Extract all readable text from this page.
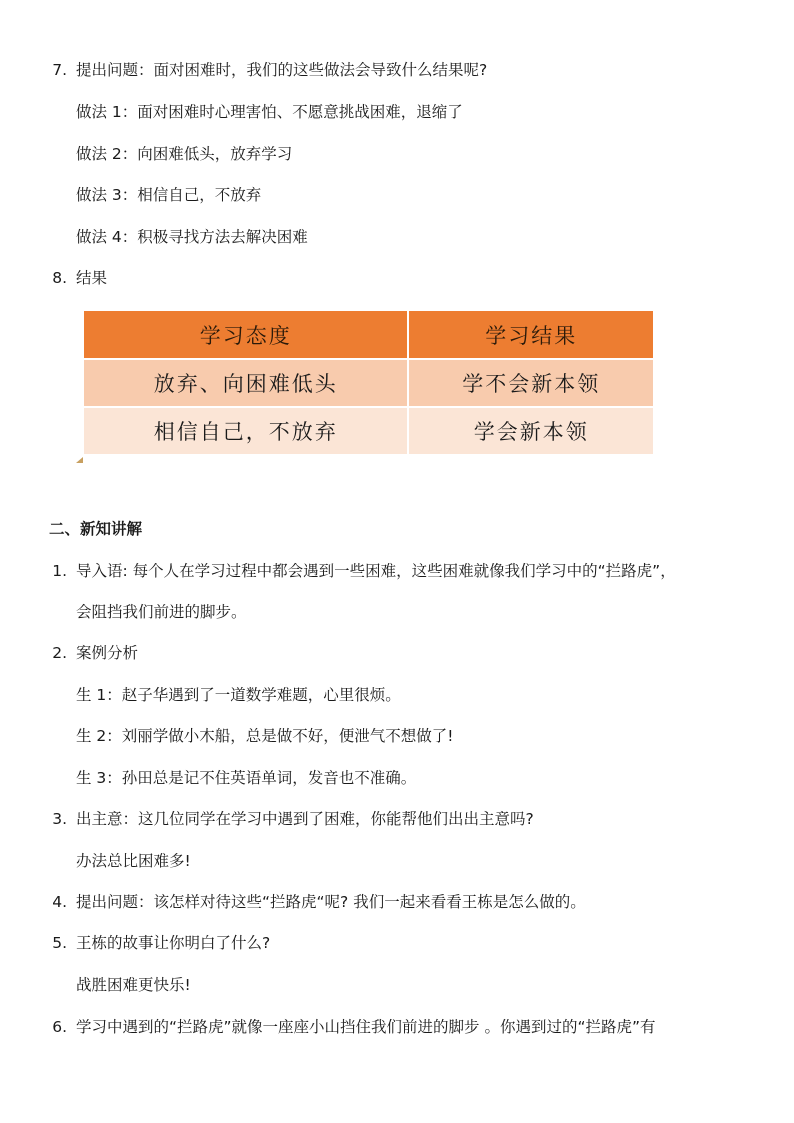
7. 提出问题：面对困难时，我们的这些做法会导致什么结果呢?
做法 1：面对困难时心理害怕、不愿意挑战困难，退缩了
做法 2：向困难低头，放弃学习
做法 3：相信自己，不放弃
做法 4：积极寻找方法去解决困难
8. 结果
学习态度	学习结果
放弃、向困难低头	学不会新本领
相信自己，不放弃	学会新本领
二、新知讲解
1. 导入语: 每个人在学习过程中都会遇到一些困难，这些困难就像我们学习中的“拦路虎”，
会阻挡我们前进的脚步。
2. 案例分析
生 1：赵子华遇到了一道数学难题，心里很烦。
生 2：刘丽学做小木船，总是做不好，便泄气不想做了!
生 3：孙田总是记不住英语单词，发音也不准确。
3. 出主意：这几位同学在学习中遇到了困难，你能帮他们出出主意吗?
办法总比困难多!
4. 提出问题：该怎样对待这些“拦路虎“呢? 我们一起来看看王栋是怎么做的。
5. 王栋的故事让你明白了什么?
战胜困难更快乐!
6. 学习中遇到的“拦路虎”就像一座座小山挡住我们前进的脚步 。你遇到过的“拦路虎”有
